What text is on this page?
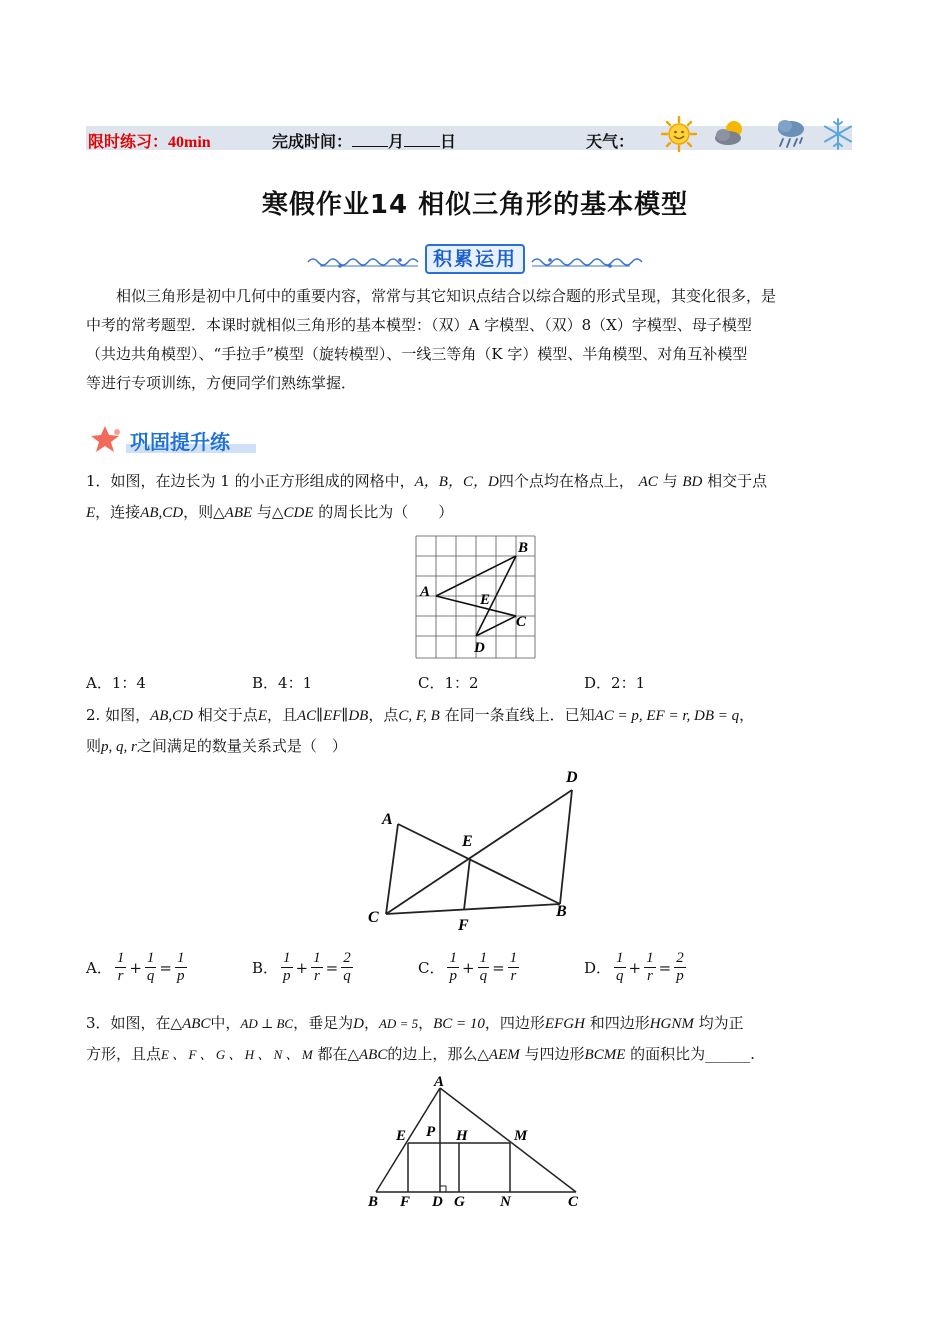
限时练习：40min	完成时间： 月 日	天气：
寒假作业14 相似三角形的基本模型
积累运用
相似三角形是初中几何中的重要内容，常常与其它知识点结合以综合题的形式呈现，其变化很多，是
中考的常考题型．本课时就相似三角形的基本模型：（双）A 字模型、（双）8（X）字模型、母子模型
（共边共角模型）、“手拉手”模型（旋转模型）、一线三等角（K 字）模型、半角模型、对角互补模型
等进行专项训练，方便同学们熟练掌握．
巩固提升练
1．如图，在边长为 1 的小正方形组成的网格中，A，B，C，D四个点均在格点上， AC 与 BD 相交于点
E，连接AB,CD，则△ABE 与△CDE 的周长比为（　　）
B
A	E
C
D
A．1：4	B．4：1	C．1：2	D．2：1
2. 如图，AB,CD 相交于点E，且AC∥EF∥DB，点C, F, B 在同一条直线上．已知AC = p, EF = r, DB = q，
则p, q, r之间满足的数量关系式是（　）
D
A
E
C	B
F
A． $\frac{1}{r} + \frac{1}{q} = \frac{1}{p}$	B． $\frac{1}{p} + \frac{1}{r} = \frac{2}{q}$	C． $\frac{1}{p} + \frac{1}{q} = \frac{1}{r}$	D． $\frac{1}{q} + \frac{1}{r} = \frac{2}{p}$
3．如图，在△ABC中，AD ⊥ BC，垂足为D，AD = 5，BC = 10，四边形EFGH 和四边形HGNM 均为正
方形，且点E 、 F 、 G 、 H 、 N 、 M 都在△ABC的边上，那么△AEM 与四边形BCME 的面积比为______.
A
E P H	M
B F D G N	C
